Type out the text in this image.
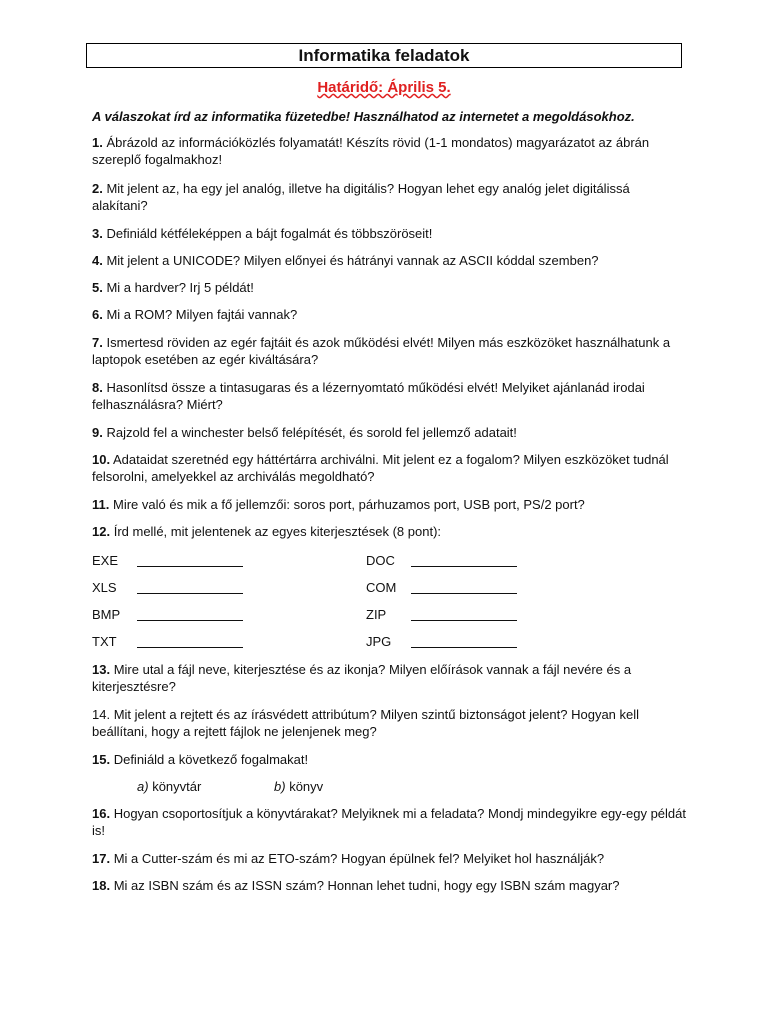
Informatika feladatok
Határidő: Április 5.
A válaszokat írd az informatika füzetedbe! Használhatod az internetet a megoldásokhoz.
1. Ábrázold az információközlés folyamatát! Készíts rövid (1-1 mondatos) magyarázatot az ábrán szereplő fogalmakhoz!
2. Mit jelent az, ha egy jel analóg, illetve ha digitális? Hogyan lehet egy analóg jelet digitálissá alakítani?
3. Definiáld kétféleképpen a bájt fogalmát és többszöröseit!
4. Mit jelent a UNICODE? Milyen előnyei és hátrányi vannak az ASCII kóddal szemben?
5. Mi a hardver? Irj 5 példát!
6. Mi a ROM? Milyen fajtái vannak?
7. Ismertesd röviden az egér fajtáit és azok működési elvét! Milyen más eszközöket használhatunk a laptopok esetében az egér kiváltására?
8. Hasonlítsd össze a tintasugaras és a lézernyomtató működési elvét! Melyiket ajánlanád irodai felhasználásra? Miért?
9. Rajzold fel a winchester belső felépítését, és sorold fel jellemző adatait!
10. Adataidat szeretnéd egy háttértárra archiválni. Mit jelent ez a fogalom? Milyen eszközöket tudnál felsorolni, amelyekkel az archiválás megoldható?
11. Mire való és mik a fő jellemzői: soros port, párhuzamos port, USB port, PS/2 port?
12. Írd mellé, mit jelentenek az egyes kiterjesztések (8 pont):
EXE	DOC
XLS	COM
BMP	ZIP
TXT	JPG
13. Mire utal a fájl neve, kiterjesztése és az ikonja? Milyen előírások vannak a fájl nevére és a kiterjesztésre?
14. Mit jelent a rejtett és az írásvédett attribútum? Milyen szintű biztonságot jelent? Hogyan kell beállítani, hogy a rejtett fájlok ne jelenjenek meg?
15. Definiáld a következő fogalmakat!
a) könyvtár	b) könyv
16. Hogyan csoportosítjuk a könyvtárakat? Melyiknek mi a feladata? Mondj mindegyikre egy-egy példát is!
17. Mi a Cutter-szám és mi az ETO-szám? Hogyan épülnek fel? Melyiket hol használják?
18. Mi az ISBN szám és az ISSN szám? Honnan lehet tudni, hogy egy ISBN szám magyar?
